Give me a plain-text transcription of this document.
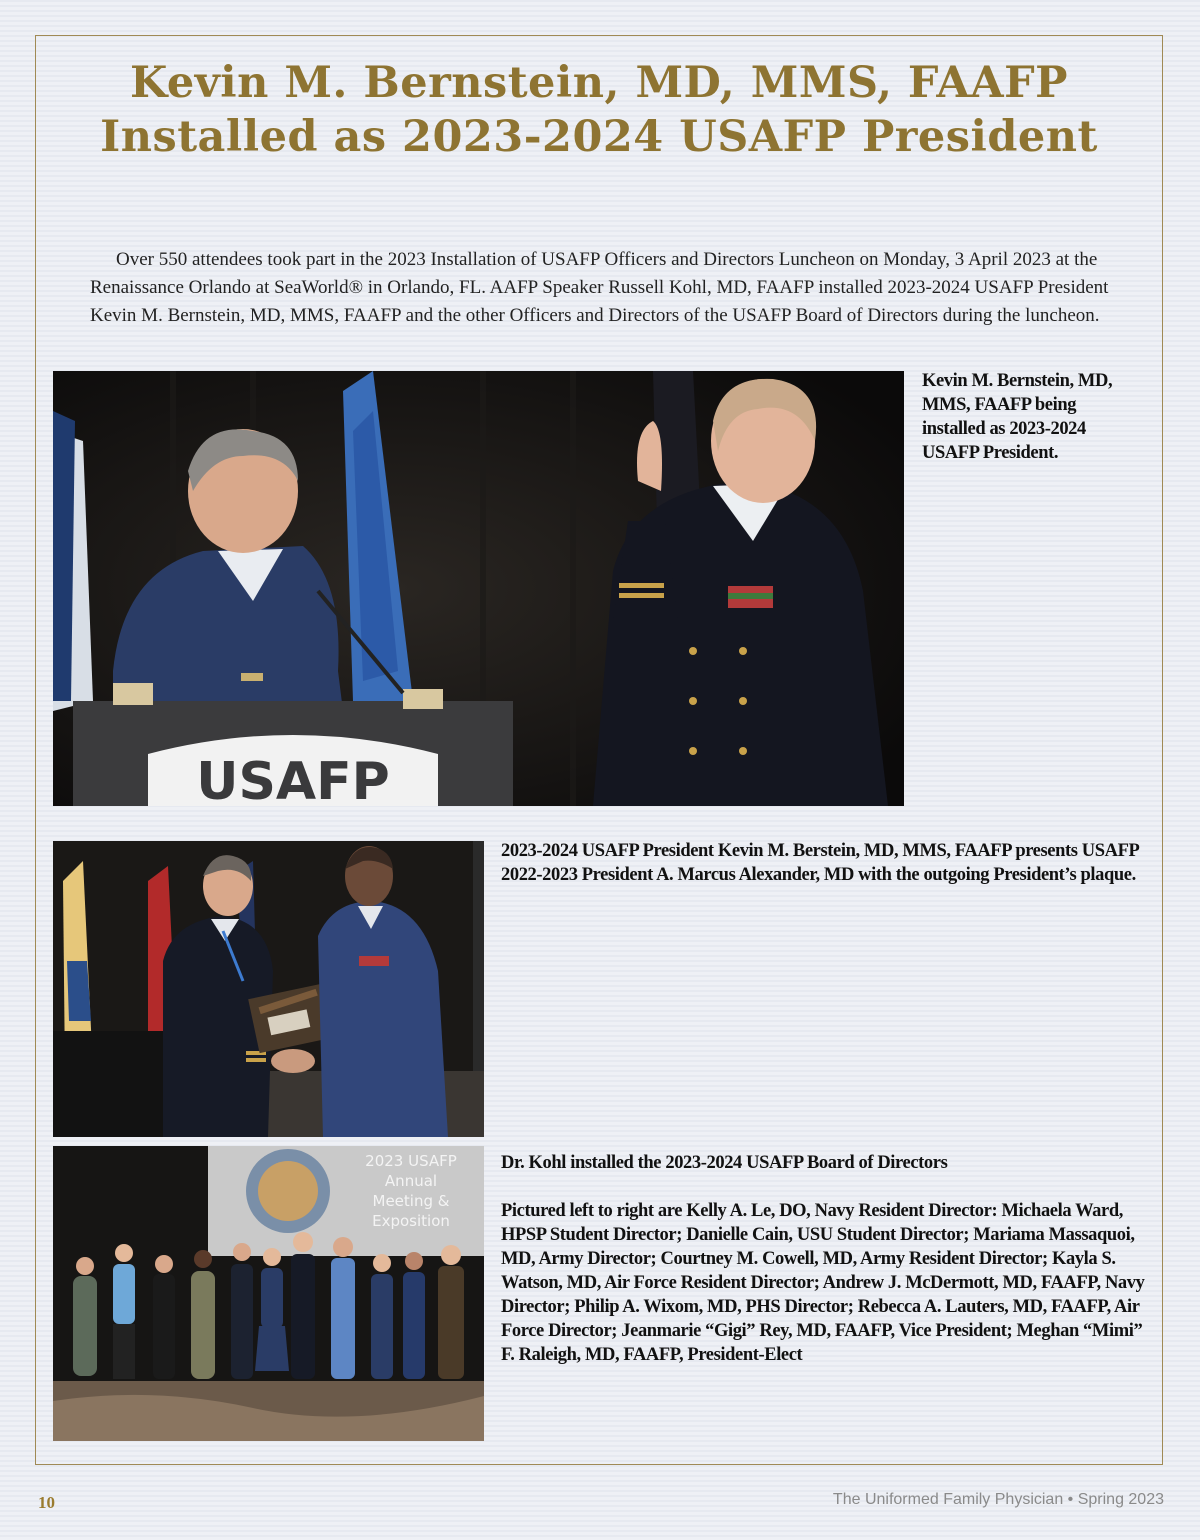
Kevin M. Bernstein, MD, MMS, FAAFP
Installed as 2023-2024 USAFP President

Over 550 attendees took part in the 2023 Installation of USAFP Officers and Directors Luncheon on Monday, 3 April 2023 at the Renaissance Orlando at SeaWorld® in Orlando, FL. AAFP Speaker Russell Kohl, MD, FAAFP installed 2023-2024 USAFP President Kevin M. Bernstein, MD, MMS, FAAFP and the other Officers and Directors of the USAFP Board of Directors during the luncheon.

USAFP

Kevin M. Bernstein, MD, MMS, FAAFP being installed as 2023-2024 USAFP President.

2023-2024 USAFP President Kevin M. Berstein, MD, MMS, FAAFP presents USAFP 2022-2023 President A. Marcus Alexander, MD with the outgoing President’s plaque.

2023 USAFP
Annual
Meeting &
Exposition

Dr. Kohl installed the 2023-2024 USAFP Board of Directors

Pictured left to right are Kelly A. Le, DO, Navy Resident Director: Michaela Ward, HPSP Student Director; Danielle Cain, USU Student Director; Mariama Massaquoi, MD, Army Director; Courtney M. Cowell, MD, Army Resident Director; Kayla S. Watson, MD, Air Force Resident Director; Andrew J. McDermott, MD, FAAFP, Navy Director; Philip A. Wixom, MD, PHS Director; Rebecca A. Lauters, MD, FAAFP, Air Force Director; Jeanmarie “Gigi” Rey, MD, FAAFP, Vice President; Meghan “Mimi” F. Raleigh, MD, FAAFP, President-Elect

10	The Uniformed Family Physician • Spring 2023
